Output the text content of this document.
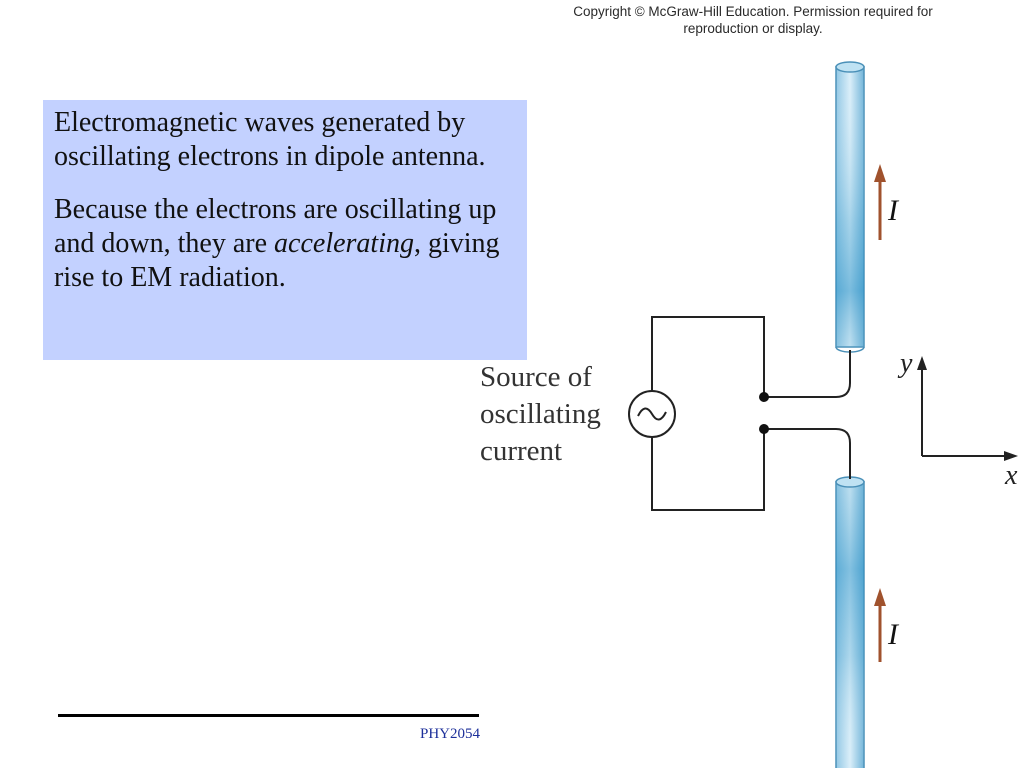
Copyright © McGraw-Hill Education. Permission required for
reproduction or display.

Electromagnetic waves generated by oscillating electrons in dipole antenna.

Because the electrons are oscillating up and down, they are accelerating, giving rise to EM radiation.

I
I
Source of
oscillating
current
y
x
PHY2054
